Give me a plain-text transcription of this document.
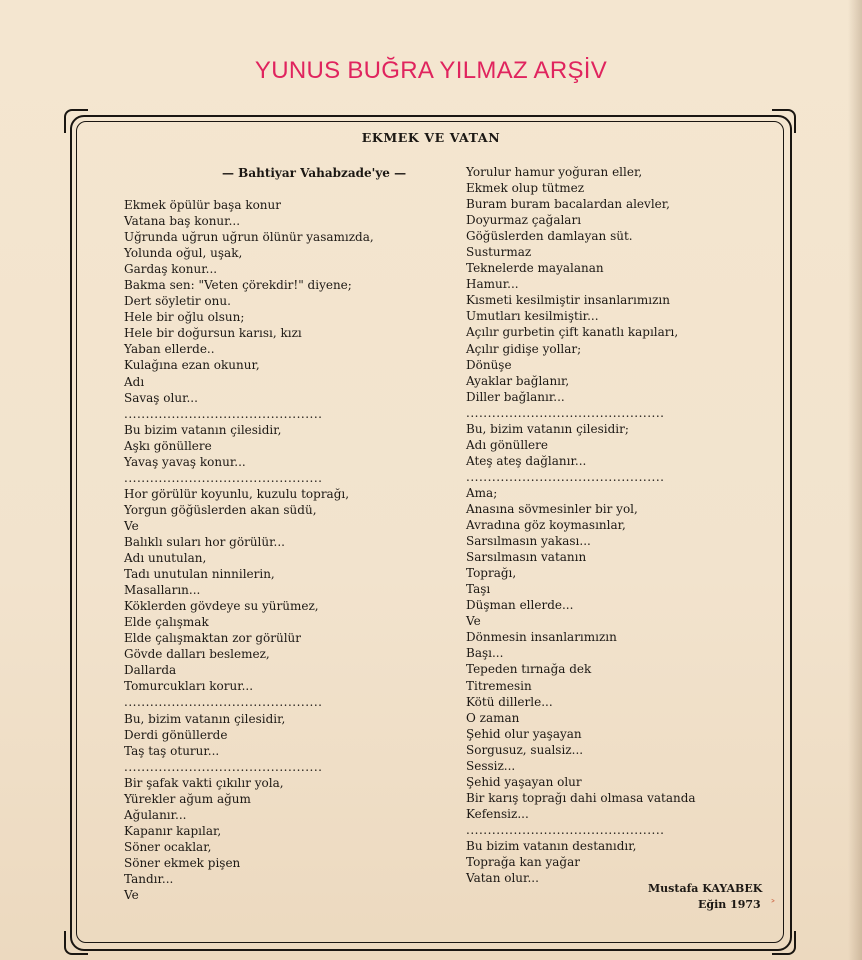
YUNUS BUĞRA YILMAZ ARŞİV
EKMEK VE VATAN
— Bahtiyar Vahabzade'ye —
Ekmek öpülür başa konur
Vatana baş konur...
Uğrunda uğrun uğrun ölünür yasamızda,
Yolunda oğul, uşak,
Gardaş konur...
Bakma sen: "Veten çörekdir!" diyene;
Dert söyletir onu.
Hele bir oğlu olsun;
Hele bir doğursun karısı, kızı
Yaban ellerde..
Kulağına ezan okunur,
Adı
Savaş olur...
..............................................
Bu bizim vatanın çilesidir,
Aşkı gönüllere
Yavaş yavaş konur...
..............................................
Hor görülür koyunlu, kuzulu toprağı,
Yorgun göğüslerden akan südü,
Ve
Balıklı suları hor görülür...
Adı unutulan,
Tadı unutulan ninnilerin,
Masalların...
Köklerden gövdeye su yürümez,
Elde çalışmak
Elde çalışmaktan zor görülür
Gövde dalları beslemez,
Dallarda
Tomurcukları korur...
..............................................
Bu, bizim vatanın çilesidir,
Derdi gönüllerde
Taş taş oturur...
..............................................
Bir şafak vakti çıkılır yola,
Yürekler ağum ağum
Ağulanır...
Kapanır kapılar,
Söner ocaklar,
Söner ekmek pişen
Tandır...
Ve
Yorulur hamur yoğuran eller,
Ekmek olup tütmez
Buram buram bacalardan alevler,
Doyurmaz çağaları
Göğüslerden damlayan süt.
Susturmaz
Teknelerde mayalanan
Hamur...
Kısmeti kesilmiştir insanlarımızın
Umutları kesilmiştir...
Açılır gurbetin çift kanatlı kapıları,
Açılır gidişe yollar;
Dönüşe
Ayaklar bağlanır,
Diller bağlanır...
..............................................
Bu, bizim vatanın çilesidir;
Adı gönüllere
Ateş ateş dağlanır...
..............................................
Ama;
Anasına sövmesinler bir yol,
Avradına göz koymasınlar,
Sarsılmasın yakası...
Sarsılmasın vatanın
Toprağı,
Taşı
Düşman ellerde...
Ve
Dönmesin insanlarımızın
Başı...
Tepeden tırnağa dek
Titremesin
Kötü dillerle...
O zaman
Şehid olur yaşayan
Sorgusuz, sualsiz...
Sessiz...
Şehid yaşayan olur
Bir karış toprağı dahi olmasa vatanda
Kefensiz...
..............................................
Bu bizim vatanın destanıdır,
Toprağa kan yağar
Vatan olur...
Mustafa KAYABEK
Eğin 1973 ˃
